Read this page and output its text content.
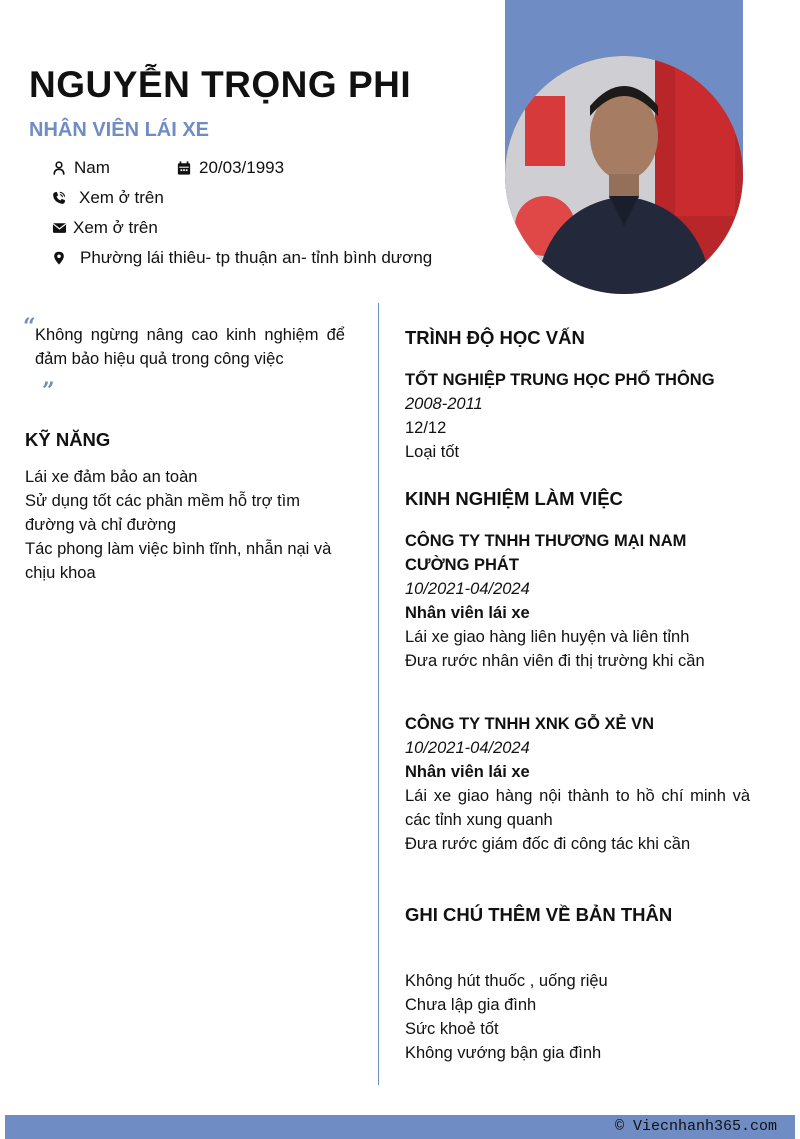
NGUYỄN TRỌNG PHI
NHÂN VIÊN LÁI XE
Nam	20/03/1993
Xem ở trên
Xem ở trên
Phường lái thiêu- tp thuận an- tỉnh bình dương
“ Không ngừng nâng cao kinh nghiệm để đảm bảo hiệu quả trong công việc
”
KỸ NĂNG
Lái xe đảm bảo an toàn
Sử dụng tốt các phần mềm hỗ trợ tìm đường và chỉ đường
Tác phong làm việc bình tĩnh, nhẫn nại và chịu khoa
TRÌNH ĐỘ HỌC VẤN
TỐT NGHIỆP TRUNG HỌC PHỔ THÔNG
2008-2011
12/12
Loại tốt
KINH NGHIỆM LÀM VIỆC
CÔNG TY TNHH THƯƠNG MẠI NAM CƯỜNG PHÁT
10/2021-04/2024
Nhân viên lái xe
Lái xe giao hàng liên huyện và liên tỉnh
Đưa rước nhân viên đi thị trường khi cần
CÔNG TY TNHH XNK GỖ XẺ VN
10/2021-04/2024
Nhân viên lái xe
Lái xe giao hàng nội thành to hồ chí minh và các tỉnh xung quanh
Đưa rước giám đốc đi công tác khi cần
GHI CHÚ THÊM VỀ BẢN THÂN
Không hút thuốc , uống riệu
Chưa lập gia đình
Sức khoẻ tốt
Không vướng bận gia đình
© Viecnhanh365.com
